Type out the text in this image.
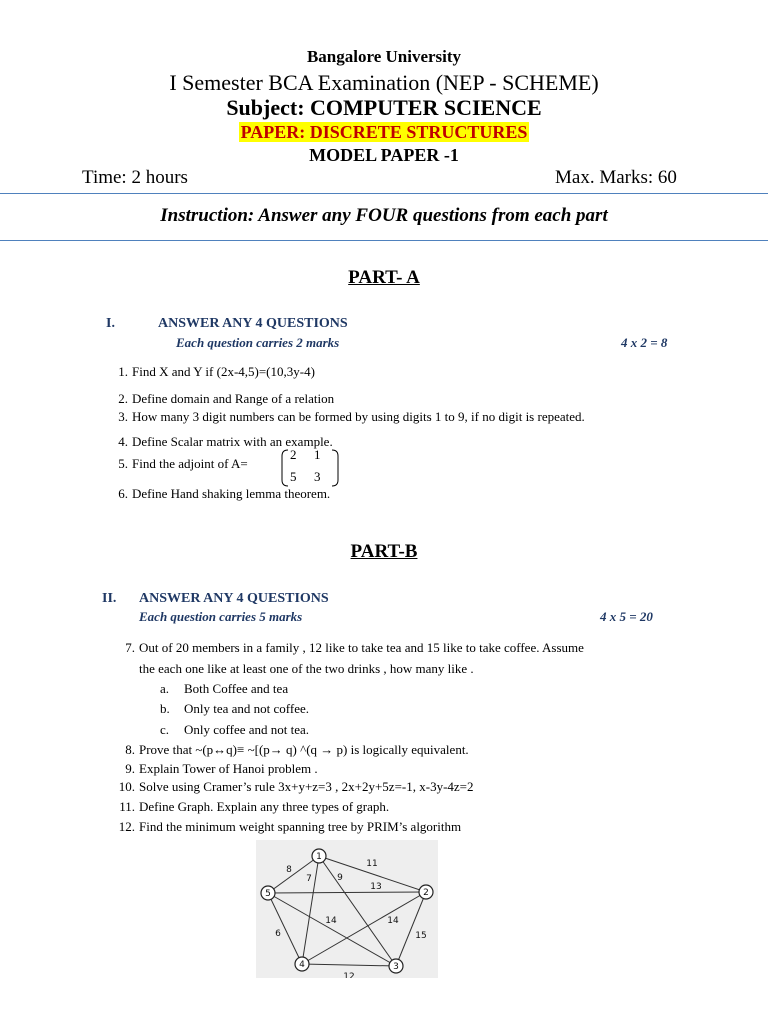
Bangalore University
I Semester BCA Examination (NEP - SCHEME)
Subject: COMPUTER SCIENCE
PAPER: DISCRETE STRUCTURES
MODEL PAPER -1
Time: 2 hours	Max. Marks: 60
Instruction: Answer any FOUR questions from each part
PART- A
I.	ANSWER ANY 4 QUESTIONS
Each question carries 2 marks	4 x 2 = 8
1. Find X and Y if (2x-4,5)=(10,3y-4)
2. Define domain and Range of a relation
3. How many 3 digit numbers can be formed by using digits 1 to 9, if no digit is repeated.
4. Define Scalar matrix with an example.
5. Find the adjoint of A=
2 1
5 3
6. Define Hand shaking lemma theorem.
PART-B
II. ANSWER ANY 4 QUESTIONS
Each question carries 5 marks	4 x 5 = 20
7. Out of 20 members in a family , 12 like to take tea and 15 like to take coffee. Assume
the each one like at least one of the two drinks , how many like .
a. Both Coffee and tea
b. Only tea and not coffee.
c. Only coffee and not tea.
8. Prove that ~(p↔q)≡ ~[(p→ q) ^(q → p) is logically equivalent.
9. Explain Tower of Hanoi problem .
10. Solve using Cramer’s rule 3x+y+z=3 , 2x+2y+5z=-1, x-3y-4z=2
11. Define Graph. Explain any three types of graph.
12. Find the minimum weight spanning tree by PRIM’s algorithm
1
2
3
4
5
8
7	9
11
13
14	14
6	15
12
